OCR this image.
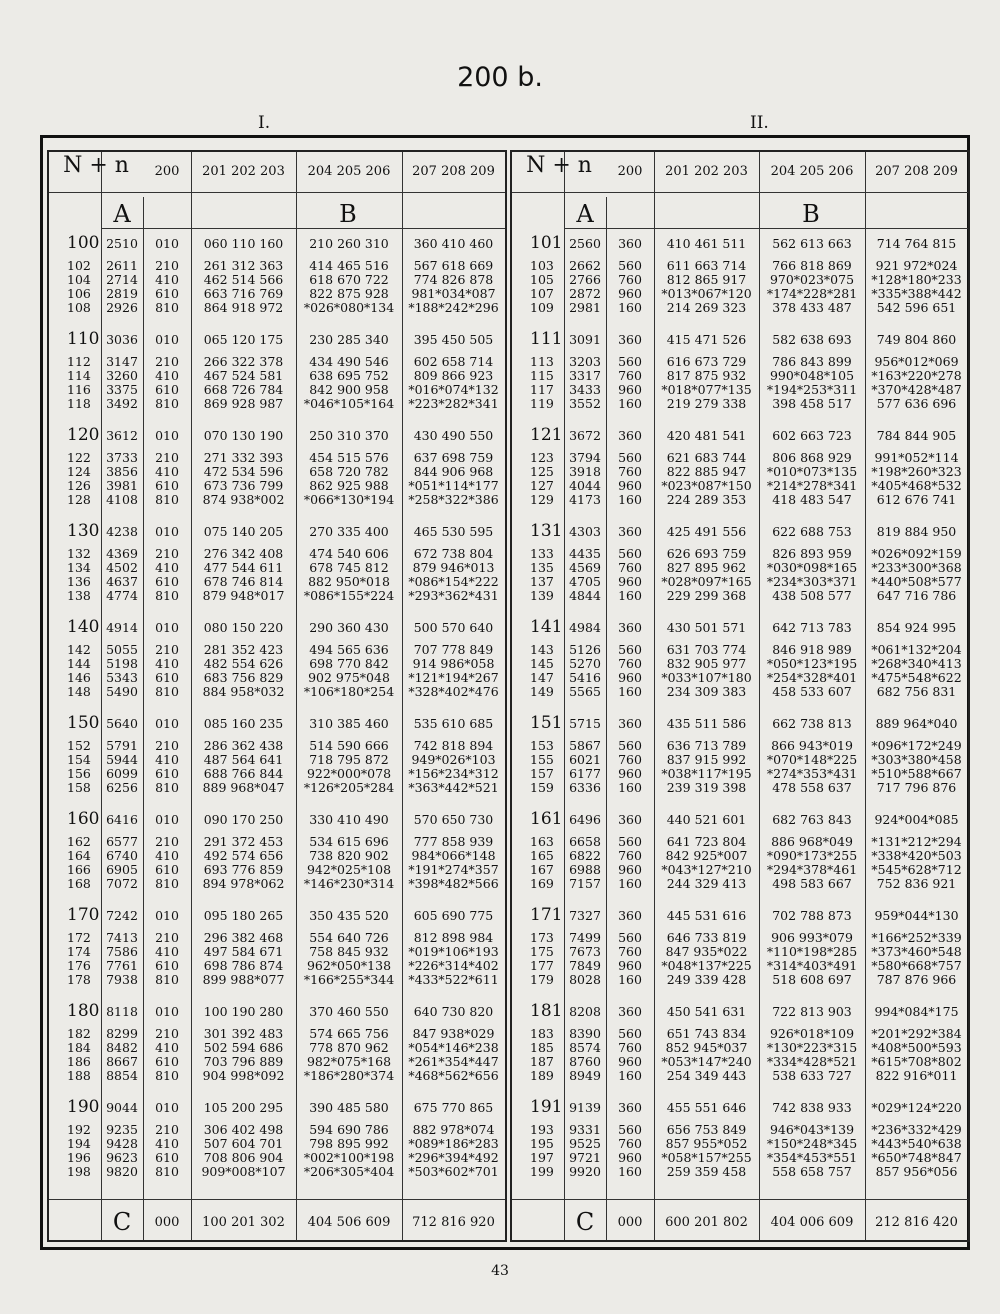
200 b.
I.	II.
N + n	200	201 202 203	204 205 206	207 208 209
A	B
100 2510	010	060 110 160	210 260 310	360 410 460
102	2611	210	261 312 363	414 465 516	567 618 669
104	2714	410	462 514 566	618 670 722	774 826 878
106	2819	610	663 716 769	822 875 928	981*034*087
108	2926	810	864 918 972	*026*080*134	*188*242*296
110 3036	010	065 120 175	230 285 340	395 450 505
112	3147	210	266 322 378	434 490 546	602 658 714
114	3260	410	467 524 581	638 695 752	809 866 923
116	3375	610	668 726 784	842 900 958	*016*074*132
118	3492	810	869 928 987	*046*105*164	*223*282*341
120 3612	010	070 130 190	250 310 370	430 490 550
122	3733	210	271 332 393	454 515 576	637 698 759
124	3856	410	472 534 596	658 720 782	844 906 968
126	3981	610	673 736 799	862 925 988	*051*114*177
128	4108	810	874 938*002	*066*130*194	*258*322*386
130 4238	010	075 140 205	270 335 400	465 530 595
132	4369	210	276 342 408	474 540 606	672 738 804
134	4502	410	477 544 611	678 745 812	879 946*013
136	4637	610	678 746 814	882 950*018	*086*154*222
138	4774	810	879 948*017	*086*155*224	*293*362*431
140 4914	010	080 150 220	290 360 430	500 570 640
142	5055	210	281 352 423	494 565 636	707 778 849
144	5198	410	482 554 626	698 770 842	914 986*058
146	5343	610	683 756 829	902 975*048	*121*194*267
148	5490	810	884 958*032	*106*180*254	*328*402*476
150 5640	010	085 160 235	310 385 460	535 610 685
152	5791	210	286 362 438	514 590 666	742 818 894
154	5944	410	487 564 641	718 795 872	949*026*103
156	6099	610	688 766 844	922*000*078	*156*234*312
158	6256	810	889 968*047	*126*205*284	*363*442*521
160 6416	010	090 170 250	330 410 490	570 650 730
162	6577	210	291 372 453	534 615 696	777 858 939
164	6740	410	492 574 656	738 820 902	984*066*148
166	6905	610	693 776 859	942*025*108	*191*274*357
168	7072	810	894 978*062	*146*230*314	*398*482*566
170 7242	010	095 180 265	350 435 520	605 690 775
172	7413	210	296 382 468	554 640 726	812 898 984
174	7586	410	497 584 671	758 845 932	*019*106*193
176	7761	610	698 786 874	962*050*138	*226*314*402
178	7938	810	899 988*077	*166*255*344	*433*522*611
180 8118	010	100 190 280	370 460 550	640 730 820
182	8299	210	301 392 483	574 665 756	847 938*029
184	8482	410	502 594 686	778 870 962	*054*146*238
186	8667	610	703 796 889	982*075*168	*261*354*447
188	8854	810	904 998*092	*186*280*374	*468*562*656
190 9044	010	105 200 295	390 485 580	675 770 865
192	9235	210	306 402 498	594 690 786	882 978*074
194	9428	410	507 604 701	798 895 992	*089*186*283
196	9623	610	708 806 904	*002*100*198	*296*394*492
198	9820	810	909*008*107	*206*305*404	*503*602*701
C	000	100 201 302	404 506 609	712 816 920
N + n	200	201 202 203	204 205 206	207 208 209
A	B
101 2560	360	410 461 511	562 613 663	714 764 815
103	2662	560	611 663 714	766 818 869	921 972*024
105	2766	760	812 865 917	970*023*075	*128*180*233
107	2872	960	*013*067*120	*174*228*281	*335*388*442
109	2981	160	214 269 323	378 433 487	542 596 651
111 3091	360	415 471 526	582 638 693	749 804 860
113	3203	560	616 673 729	786 843 899	956*012*069
115	3317	760	817 875 932	990*048*105	*163*220*278
117	3433	960	*018*077*135	*194*253*311	*370*428*487
119	3552	160	219 279 338	398 458 517	577 636 696
121 3672	360	420 481 541	602 663 723	784 844 905
123	3794	560	621 683 744	806 868 929	991*052*114
125	3918	760	822 885 947	*010*073*135	*198*260*323
127	4044	960	*023*087*150	*214*278*341	*405*468*532
129	4173	160	224 289 353	418 483 547	612 676 741
131 4303	360	425 491 556	622 688 753	819 884 950
133	4435	560	626 693 759	826 893 959	*026*092*159
135	4569	760	827 895 962	*030*098*165	*233*300*368
137	4705	960	*028*097*165	*234*303*371	*440*508*577
139	4844	160	229 299 368	438 508 577	647 716 786
141 4984	360	430 501 571	642 713 783	854 924 995
143	5126	560	631 703 774	846 918 989	*061*132*204
145	5270	760	832 905 977	*050*123*195	*268*340*413
147	5416	960	*033*107*180	*254*328*401	*475*548*622
149	5565	160	234 309 383	458 533 607	682 756 831
151 5715	360	435 511 586	662 738 813	889 964*040
153	5867	560	636 713 789	866 943*019	*096*172*249
155	6021	760	837 915 992	*070*148*225	*303*380*458
157	6177	960	*038*117*195	*274*353*431	*510*588*667
159	6336	160	239 319 398	478 558 637	717 796 876
161 6496	360	440 521 601	682 763 843	924*004*085
163	6658	560	641 723 804	886 968*049	*131*212*294
165	6822	760	842 925*007	*090*173*255	*338*420*503
167	6988	960	*043*127*210	*294*378*461	*545*628*712
169	7157	160	244 329 413	498 583 667	752 836 921
171 7327	360	445 531 616	702 788 873	959*044*130
173	7499	560	646 733 819	906 993*079	*166*252*339
175	7673	760	847 935*022	*110*198*285	*373*460*548
177	7849	960	*048*137*225	*314*403*491	*580*668*757
179	8028	160	249 339 428	518 608 697	787 876 966
181 8208	360	450 541 631	722 813 903	994*084*175
183	8390	560	651 743 834	926*018*109	*201*292*384
185	8574	760	852 945*037	*130*223*315	*408*500*593
187	8760	960	*053*147*240	*334*428*521	*615*708*802
189	8949	160	254 349 443	538 633 727	822 916*011
191 9139	360	455 551 646	742 838 933	*029*124*220
193	9331	560	656 753 849	946*043*139	*236*332*429
195	9525	760	857 955*052	*150*248*345	*443*540*638
197	9721	960	*058*157*255	*354*453*551	*650*748*847
199	9920	160	259 359 458	558 658 757	857 956*056
C	000	600 201 802	404 006 609	212 816 420
43
